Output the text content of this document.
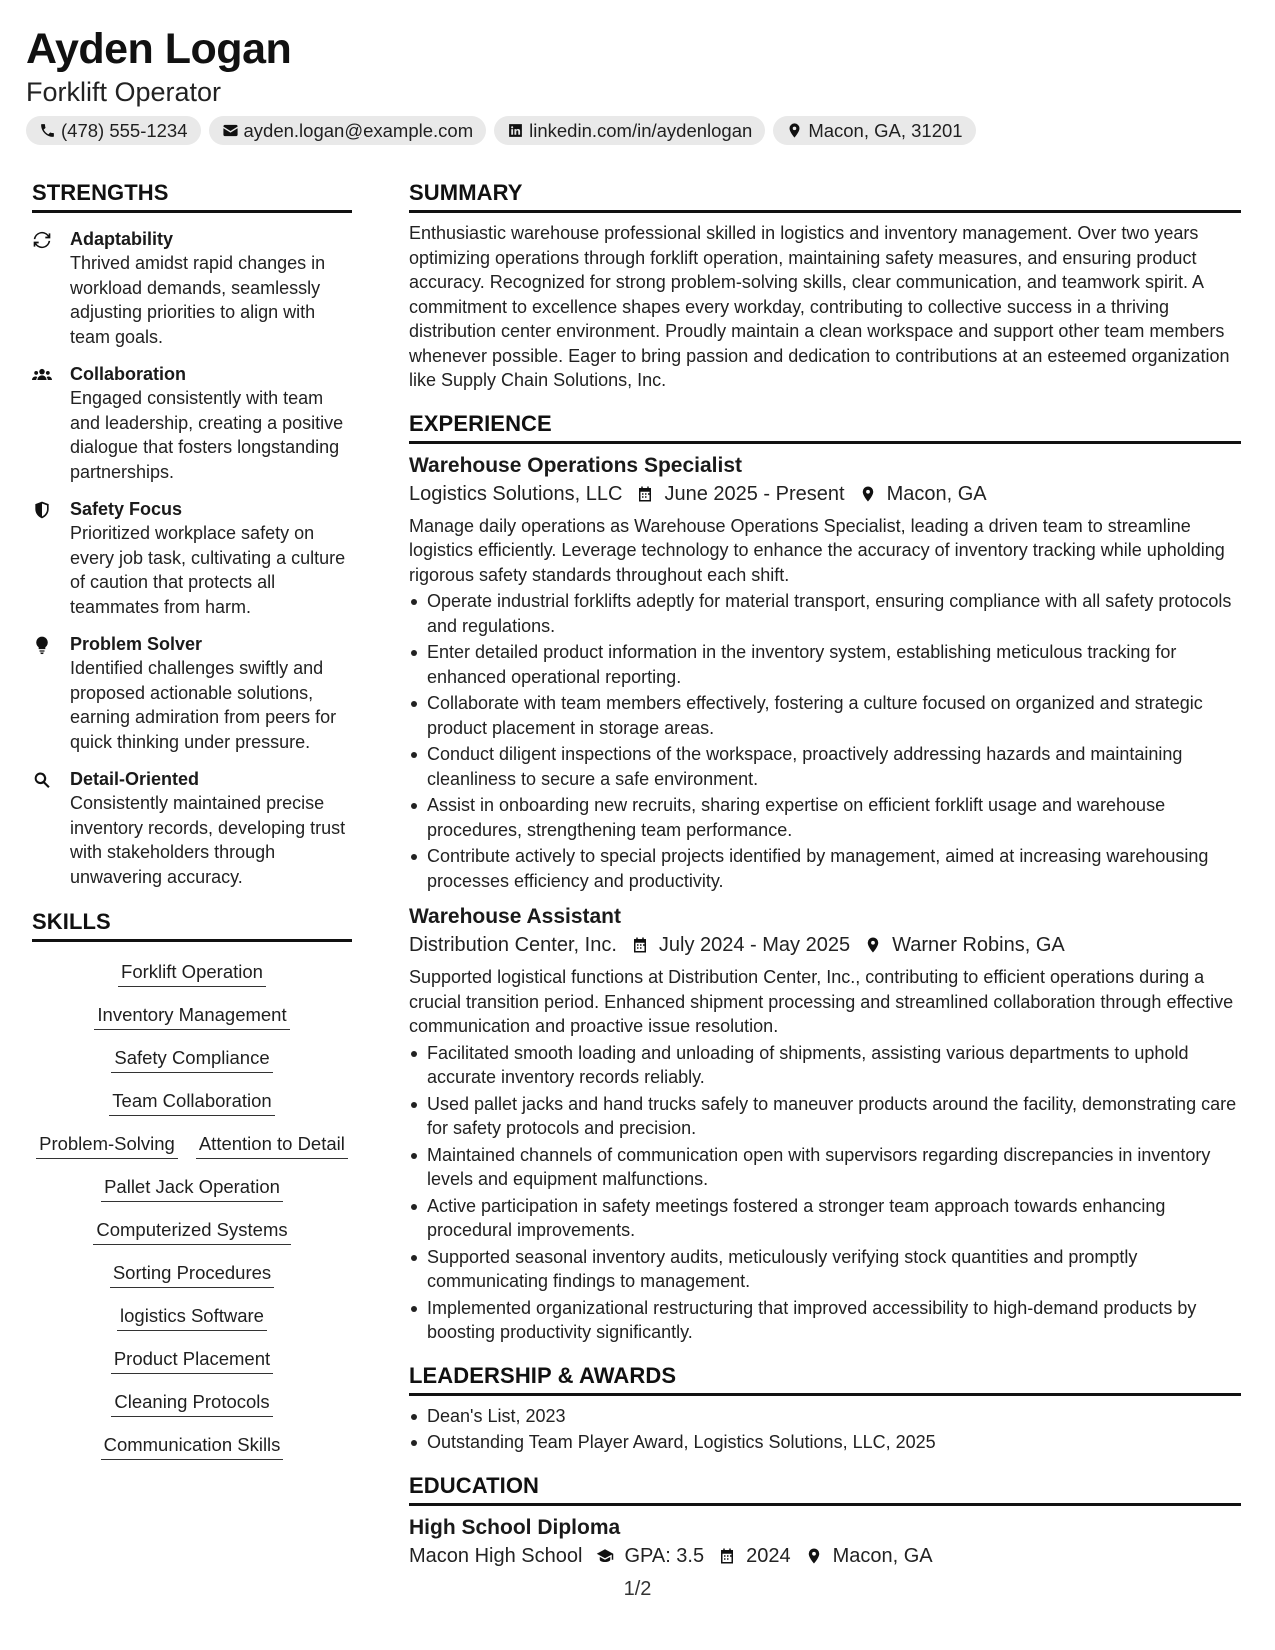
Ayden Logan
Forklift Operator
(478) 555-1234	ayden.logan@example.com	linkedin.com/in/aydenlogan	Macon, GA, 31201
STRENGTHS
Adaptability
Thrived amidst rapid changes in workload demands, seamlessly adjusting priorities to align with team goals.
Collaboration
Engaged consistently with team and leadership, creating a positive dialogue that fosters longstanding partnerships.
Safety Focus
Prioritized workplace safety on every job task, cultivating a culture of caution that protects all teammates from harm.
Problem Solver
Identified challenges swiftly and proposed actionable solutions, earning admiration from peers for quick thinking under pressure.
Detail-Oriented
Consistently maintained precise inventory records, developing trust with stakeholders through unwavering accuracy.
SKILLS
Forklift Operation
Inventory Management
Safety Compliance
Team Collaboration
Problem-Solving Attention to Detail
Pallet Jack Operation
Computerized Systems
Sorting Procedures
logistics Software
Product Placement
Cleaning Protocols
Communication Skills
SUMMARY
Enthusiastic warehouse professional skilled in logistics and inventory management. Over two years optimizing operations through forklift operation, maintaining safety measures, and ensuring product accuracy. Recognized for strong problem-solving skills, clear communication, and teamwork spirit. A commitment to excellence shapes every workday, contributing to collective success in a thriving distribution center environment. Proudly maintain a clean workspace and support other team members whenever possible. Eager to bring passion and dedication to contributions at an esteemed organization like Supply Chain Solutions, Inc.
EXPERIENCE
Warehouse Operations Specialist
Logistics Solutions, LLC June 2025 - Present Macon, GA
Manage daily operations as Warehouse Operations Specialist, leading a driven team to streamline logistics efficiently. Leverage technology to enhance the accuracy of inventory tracking while upholding rigorous safety standards throughout each shift.
Operate industrial forklifts adeptly for material transport, ensuring compliance with all safety protocols and regulations.
Enter detailed product information in the inventory system, establishing meticulous tracking for enhanced operational reporting.
Collaborate with team members effectively, fostering a culture focused on organized and strategic product placement in storage areas.
Conduct diligent inspections of the workspace, proactively addressing hazards and maintaining cleanliness to secure a safe environment.
Assist in onboarding new recruits, sharing expertise on efficient forklift usage and warehouse procedures, strengthening team performance.
Contribute actively to special projects identified by management, aimed at increasing warehousing processes efficiency and productivity.
Warehouse Assistant
Distribution Center, Inc. July 2024 - May 2025 Warner Robins, GA
Supported logistical functions at Distribution Center, Inc., contributing to efficient operations during a crucial transition period. Enhanced shipment processing and streamlined collaboration through effective communication and proactive issue resolution.
Facilitated smooth loading and unloading of shipments, assisting various departments to uphold accurate inventory records reliably.
Used pallet jacks and hand trucks safely to maneuver products around the facility, demonstrating care for safety protocols and precision.
Maintained channels of communication open with supervisors regarding discrepancies in inventory levels and equipment malfunctions.
Active participation in safety meetings fostered a stronger team approach towards enhancing procedural improvements.
Supported seasonal inventory audits, meticulously verifying stock quantities and promptly communicating findings to management.
Implemented organizational restructuring that improved accessibility to high-demand products by boosting productivity significantly.
LEADERSHIP & AWARDS
Dean's List, 2023
Outstanding Team Player Award, Logistics Solutions, LLC, 2025
EDUCATION
High School Diploma
Macon High School GPA: 3.5 2024 Macon, GA
1/2
